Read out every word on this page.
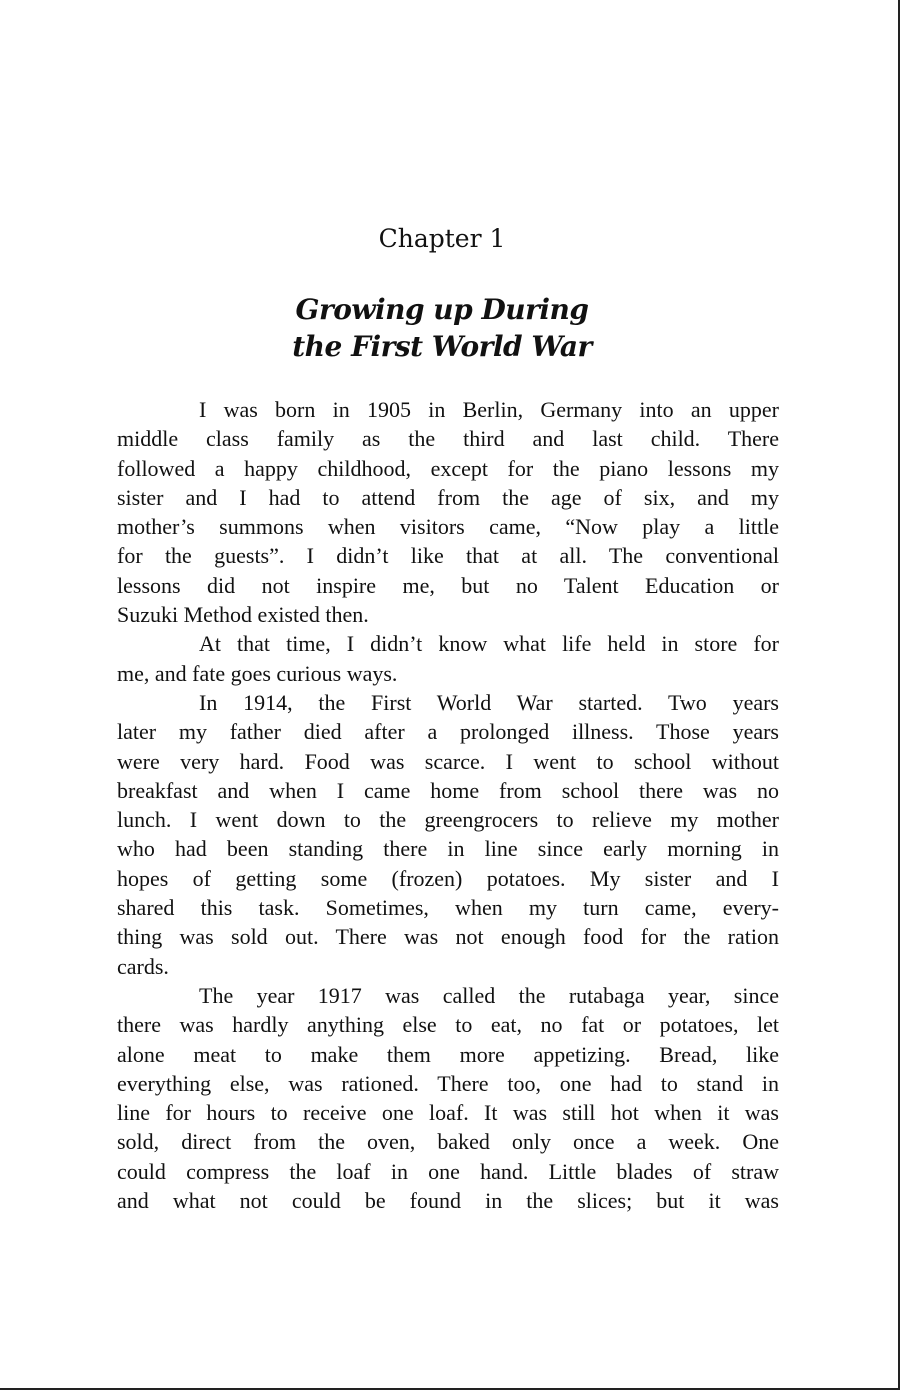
Chapter 1
Growing up During
the First World War
I was born in 1905 in Berlin, Germany into an upper
middle class family as the third and last child. There
followed a happy childhood, except for the piano lessons my
sister and I had to attend from the age of six, and my
mother’s summons when visitors came, “Now play a little
for the guests”. I didn’t like that at all. The conventional
lessons did not inspire me, but no Talent Education or
Suzuki Method existed then.
At that time, I didn’t know what life held in store for
me, and fate goes curious ways.
In 1914, the First World War started. Two years
later my father died after a prolonged illness. Those years
were very hard. Food was scarce. I went to school without
breakfast and when I came home from school there was no
lunch. I went down to the greengrocers to relieve my mother
who had been standing there in line since early morning in
hopes of getting some (frozen) potatoes. My sister and I
shared this task. Sometimes, when my turn came, every-
thing was sold out. There was not enough food for the ration
cards.
The year 1917 was called the rutabaga year, since
there was hardly anything else to eat, no fat or potatoes, let
alone meat to make them more appetizing. Bread, like
everything else, was rationed. There too, one had to stand in
line for hours to receive one loaf. It was still hot when it was
sold, direct from the oven, baked only once a week. One
could compress the loaf in one hand. Little blades of straw
and what not could be found in the slices; but it was
